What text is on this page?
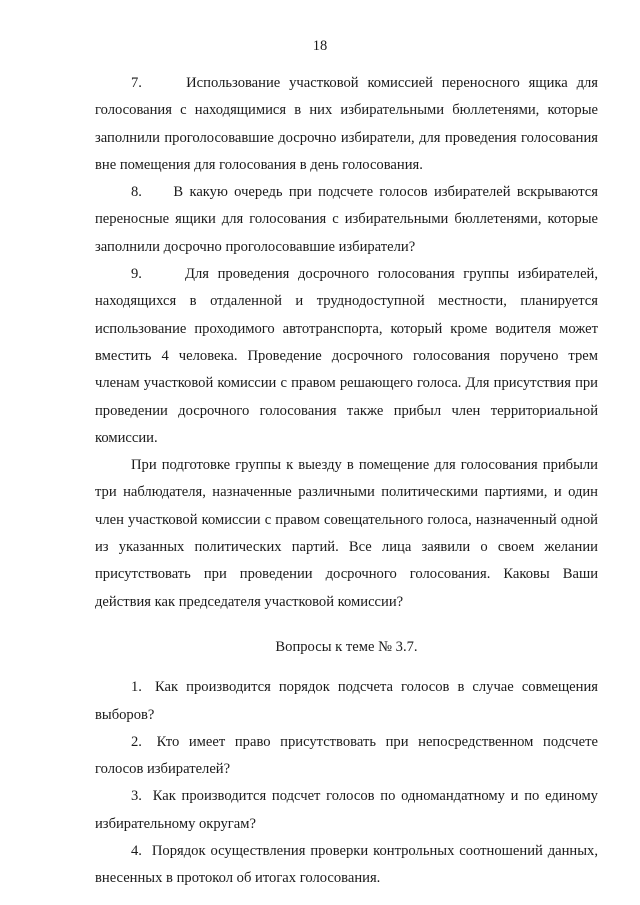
18

7.	Использование участковой комиссией переносного ящика для голосования с находящимися в них избирательными бюллетенями, которые заполнили проголосовавшие досрочно избиратели, для проведения голосования вне помещения для голосования в день голосования.

8. В какую очередь при подсчете голосов избирателей вскрываются переносные ящики для голосования с избирательными бюллетенями, которые заполнили досрочно проголосовавшие избиратели?

9.	Для проведения досрочного голосования группы избирателей, находящихся в отдаленной и труднодоступной местности, планируется использование проходимого автотранспорта, который кроме водителя может вместить 4 человека. Проведение досрочного голосования поручено трем членам участковой комиссии с правом решающего голоса. Для присутствия при проведении досрочного голосования также прибыл член территориальной комиссии.

При подготовке группы к выезду в помещение для голосования прибыли три наблюдателя, назначенные различными политическими партиями, и один член участковой комиссии с правом совещательного голоса, назначенный одной из указанных политических партий. Все лица заявили о своем желании присутствовать при проведении досрочного голосования. Каковы Ваши действия как председателя участковой комиссии?

Вопросы к теме № 3.7.

1. Как производится порядок подсчета голосов в случае совмещения выборов?

2. Кто имеет право присутствовать при непосредственном подсчете голосов избирателей?

3. Как производится подсчет голосов по одномандатному и по единому избирательному округам?

4. Порядок осуществления проверки контрольных соотношений данных, внесенных в протокол об итогах голосования.
